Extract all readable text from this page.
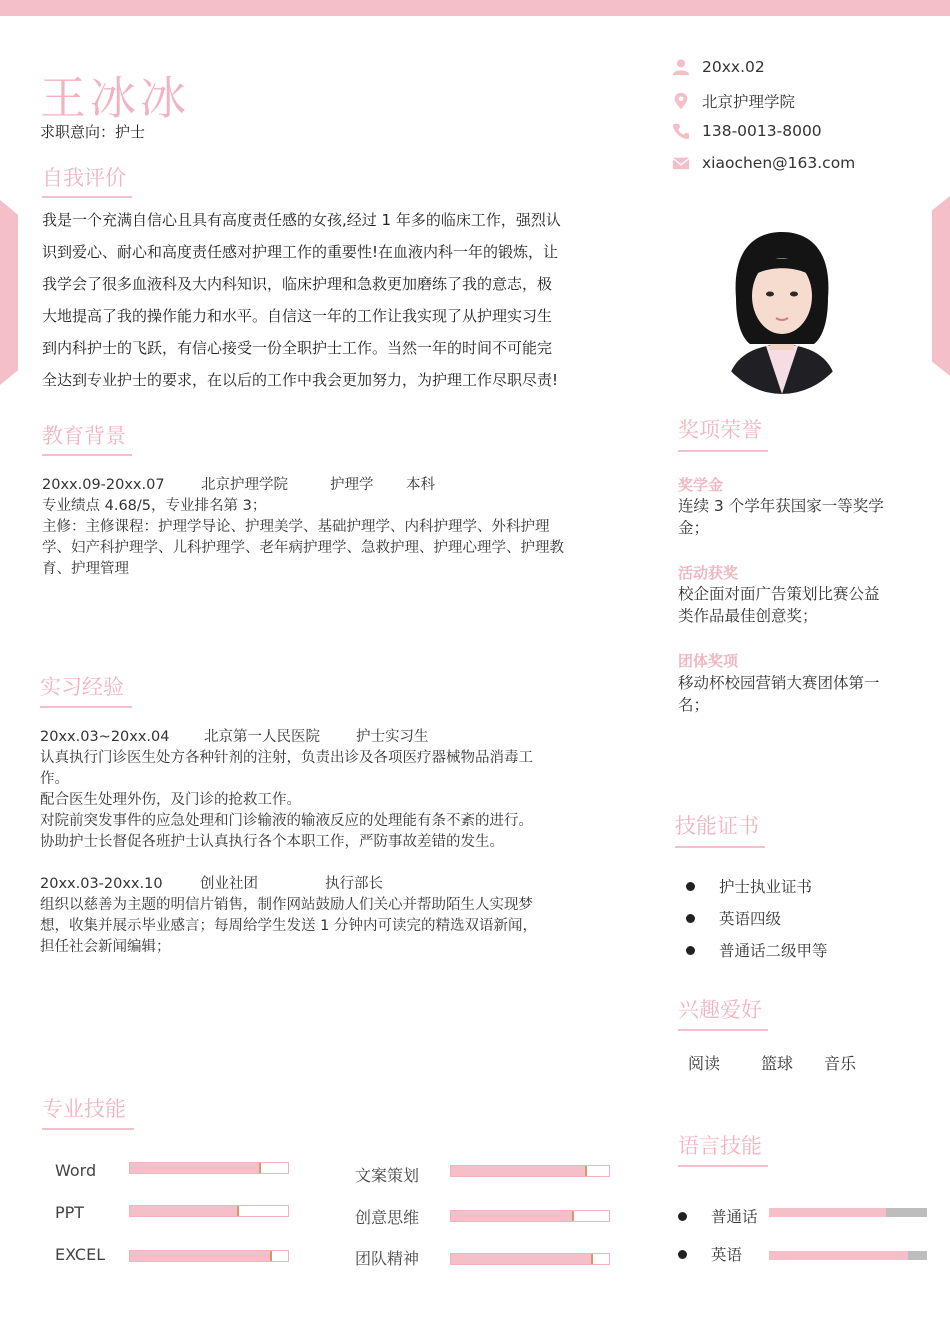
王冰冰
求职意向：护士
20xx.02
北京护理学院
138-0013-8000
xiaochen@163.com
自我评价
我是一个充满自信心且具有高度责任感的女孩,经过 1 年多的临床工作，强烈认
识到爱心、耐心和高度责任感对护理工作的重要性!在血液内科一年的锻炼，让
我学会了很多血液科及大内科知识，临床护理和急救更加磨练了我的意志，极
大地提高了我的操作能力和水平。自信这一年的工作让我实现了从护理实习生
到内科护士的飞跃，有信心接受一份全职护士工作。当然一年的时间不可能完
全达到专业护士的要求，在以后的工作中我会更加努力，为护理工作尽职尽责!
教育背景
20xx.09-20xx.07	北京护理学院	护理学	本科
专业绩点 4.68/5，专业排名第 3；
主修：主修课程：护理学导论、护理美学、基础护理学、内科护理学、外科护理
学、妇产科护理学、儿科护理学、老年病护理学、急救护理、护理心理学、护理教
育、护理管理
实习经验
20xx.03~20xx.04	北京第一人民医院	护士实习生
认真执行门诊医生处方各种针剂的注射，负责出诊及各项医疗器械物品消毒工
作。
配合医生处理外伤，及门诊的抢救工作。
对院前突发事件的应急处理和门诊输液的输液反应的处理能有条不紊的进行。
协助护士长督促各班护士认真执行各个本职工作，严防事故差错的发生。
20xx.03-20xx.10	创业社团	执行部长
组织以慈善为主题的明信片销售，制作网站鼓励人们关心并帮助陌生人实现梦
想，收集并展示毕业感言；每周给学生发送 1 分钟内可读完的精选双语新闻，
担任社会新闻编辑；
专业技能
Word
PPT
EXCEL
文案策划
创意思维
团队精神
奖项荣誉
奖学金
连续 3 个学年获国家一等奖学
金；
活动获奖
校企面对面广告策划比赛公益
类作品最佳创意奖；
团体奖项
移动杯校园营销大赛团体第一
名；
技能证书
护士执业证书
英语四级
普通话二级甲等
兴趣爱好
阅读	篮球 音乐
语言技能
普通话
英语
